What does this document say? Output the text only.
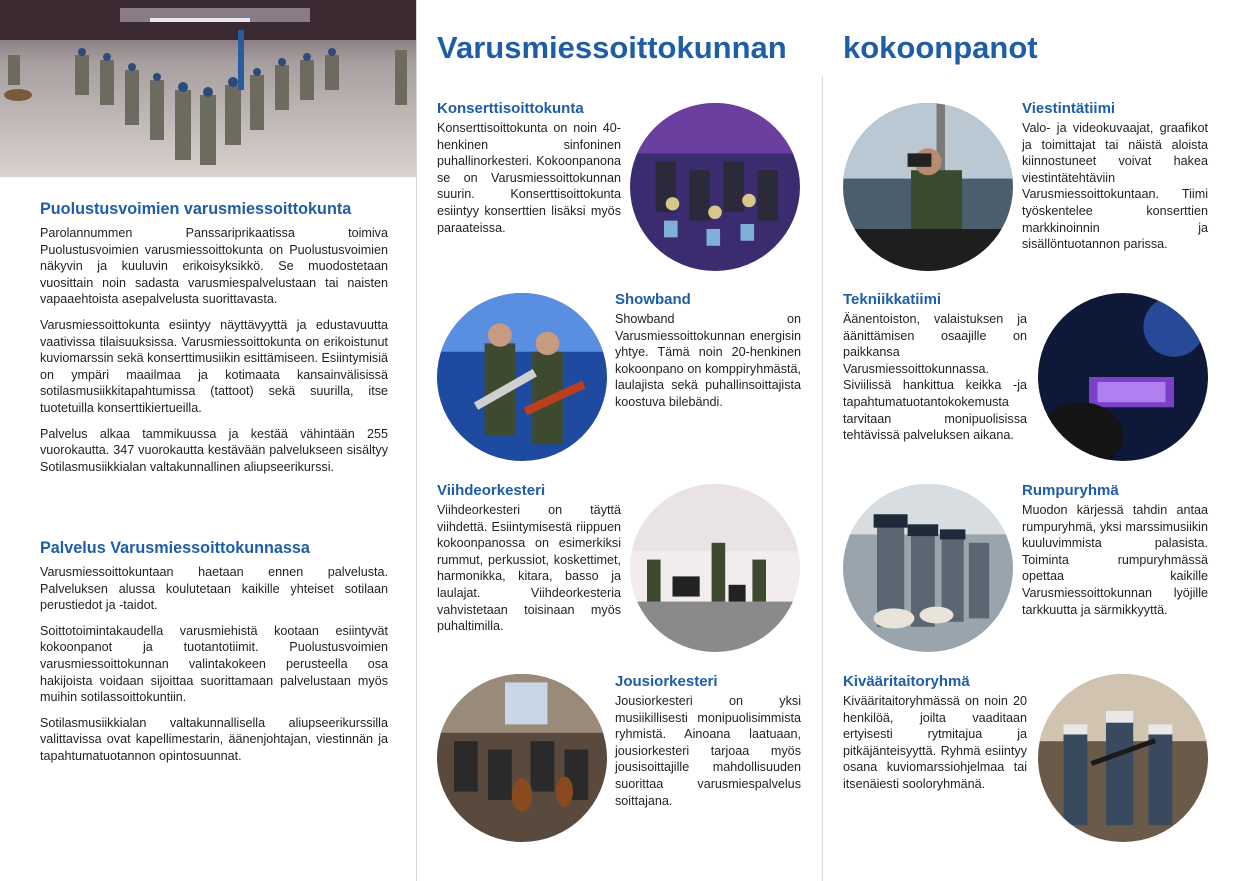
Puolustusvoimien varusmiessoittokunta

Parolannummen Panssariprikaatissa toimiva Puolustusvoimien varusmiessoittokunta on Puolustusvoimien näkyvin ja kuuluvin erikoisyksikkö. Se muodostetaan vuosittain noin sadasta varusmiespalvelustaan tai naisten vapaaehtoista asepalvelusta suorittavasta.

Varusmiessoittokunta esiintyy näyttävyyttä ja edustavuutta vaativissa tilaisuuksissa. Varusmiessoittokunta on erikoistunut kuviomarssin sekä konserttimusiikin esittämiseen. Esiintymisiä on ympäri maailmaa ja kotimaata kansainvälisissä sotilasmusiikkitapahtumissa (tattoot) sekä suurilla, itse tuotetuilla konserttikiertueilla.

Palvelus alkaa tammikuussa ja kestää vähintään 255 vuorokautta. 347 vuorokautta kestävään palvelukseen sisältyy Sotilasmusiikkialan valtakunnallinen aliupseerikurssi.

Palvelus Varusmiessoittokunnassa

Varusmiessoittokuntaan haetaan ennen palvelusta. Palveluksen alussa koulutetaan kaikille yhteiset sotilaan perustiedot ja -taidot.

Soittotoimintakaudella varusmiehistä kootaan esiintyvät kokoonpanot ja tuotantotiimit. Puolustusvoimien varusmiessoittokunnan valintakokeen perusteella osa hakijoista voidaan sijoittaa suorittamaan palvelustaan myös muihin sotilassoittokuntiin.

Sotilasmusiikkialan valtakunnallisella aliupseerikurssilla valittavissa ovat kapellimestarin, äänenjohtajan, viestinnän ja tapahtumatuotannon opintosuunnat.

Varusmiessoittokunnan kokoonpanot
Konserttisoittokunta
Konserttisoittokunta on noin 40-henkinen sinfoninen puhallinorkesteri. Kokoonpanona se on Varusmiessoittokunnan suurin. Konserttisoittokunta esiintyy konserttien lisäksi myös paraateissa.
Showband
Showband on Varusmiessoittokunnan energisin yhtye. Tämä noin 20-henkinen kokoonpano on komppiryhmästä, laulajista sekä puhallinsoittajista koostuva bilebändi.
Viihdeorkesteri
Viihdeorkesteri on täyttä viihdettä. Esiintymisestä riippuen kokoonpanossa on esimerkiksi rummut, perkussiot, koskettimet, harmonikka, kitara, basso ja laulajat. Viihdeorkesteria vahvistetaan toisinaan myös puhaltimilla.
Jousiorkesteri
Jousiorkesteri on yksi musiikillisesti monipuolisimmista ryhmistä. Ainoana laatuaan, jousiorkesteri tarjoaa myös jousisoittajille mahdollisuuden suorittaa varusmiespalvelus soittajana.
Viestintätiimi
Valo- ja videokuvaajat, graafikot ja toimittajat tai näistä aloista kiinnostuneet voivat hakea viestintätehtäviin Varusmiessoittokuntaan. Tiimi työskentelee konserttien markkinoinnin ja sisällöntuotannon parissa.
Tekniikkatiimi
Äänentoiston, valaistuksen ja äänittämisen osaajille on paikkansa Varusmiessoittokunnassa. Siviilissä hankittua keikka -ja tapahtumatuotantokokemusta tarvitaan monipuolisissa tehtävissä palveluksen aikana.
Rumpuryhmä
Muodon kärjessä tahdin antaa rumpuryhmä, yksi marssimusiikin kuuluvimmista palasista. Toiminta rumpuryhmässä opettaa kaikille Varusmiessoittokunnan lyöjille tarkkuutta ja särmikkyyttä.
Kivääritaitoryhmä
Kivääritaitoryhmässä on noin 20 henkilöä, joilta vaaditaan ertyisesti rytmitajua ja pitkäjänteisyyttä. Ryhmä esiintyy osana kuviomarssiohjelmaa tai itsenäiesti sooloryhmänä.
